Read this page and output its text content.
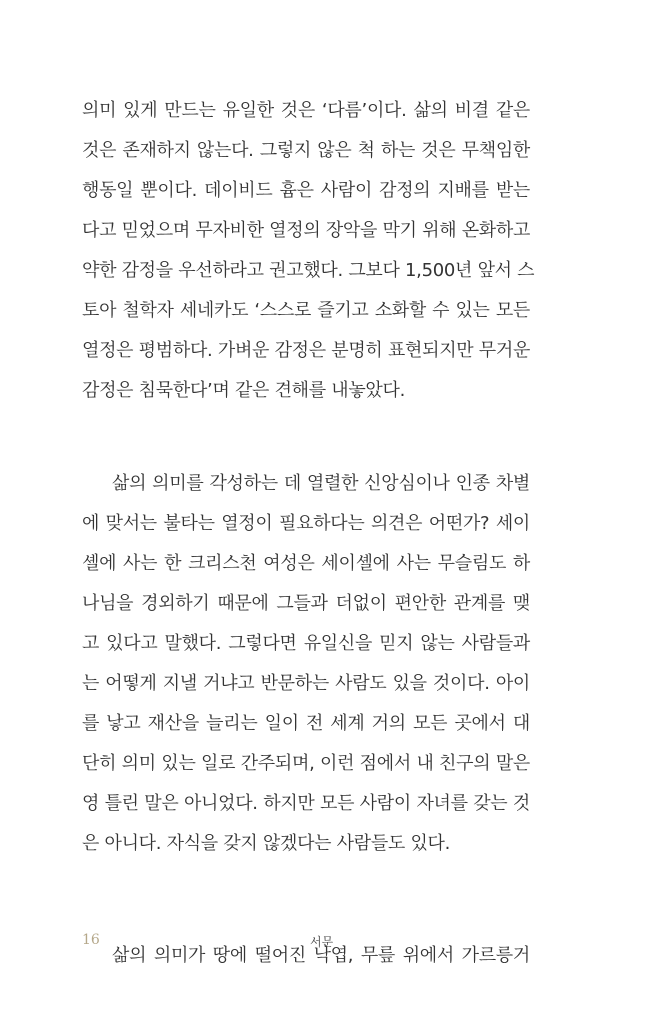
의미 있게 만드는 유일한 것은 ‘다름’이다. 삶의 비결 같은
것은 존재하지 않는다. 그렇지 않은 척 하는 것은 무책임한
행동일 뿐이다. 데이비드 흄은 사람이 감정의 지배를 받는
다고 믿었으며 무자비한 열정의 장악을 막기 위해 온화하고
약한 감정을 우선하라고 권고했다. 그보다 1,500년 앞서 스
토아 철학자 세네카도 ‘스스로 즐기고 소화할 수 있는 모든
열정은 평범하다. 가벼운 감정은 분명히 표현되지만 무거운
감정은 침묵한다’며 같은 견해를 내놓았다.
삶의 의미를 각성하는 데 열렬한 신앙심이나 인종 차별
에 맞서는 불타는 열정이 필요하다는 의견은 어떤가? 세이
셸에 사는 한 크리스천 여성은 세이셸에 사는 무슬림도 하
나님을 경외하기 때문에 그들과 더없이 편안한 관계를 맺
고 있다고 말했다. 그렇다면 유일신을 믿지 않는 사람들과
는 어떻게 지낼 거냐고 반문하는 사람도 있을 것이다. 아이
를 낳고 재산을 늘리는 일이 전 세계 거의 모든 곳에서 대
단히 의미 있는 일로 간주되며, 이런 점에서 내 친구의 말은
영 틀린 말은 아니었다. 하지만 모든 사람이 자녀를 갖는 것
은 아니다. 자식을 갖지 않겠다는 사람들도 있다.
삶의 의미가 땅에 떨어진 낙엽, 무릎 위에서 가르릉거
16	서문
